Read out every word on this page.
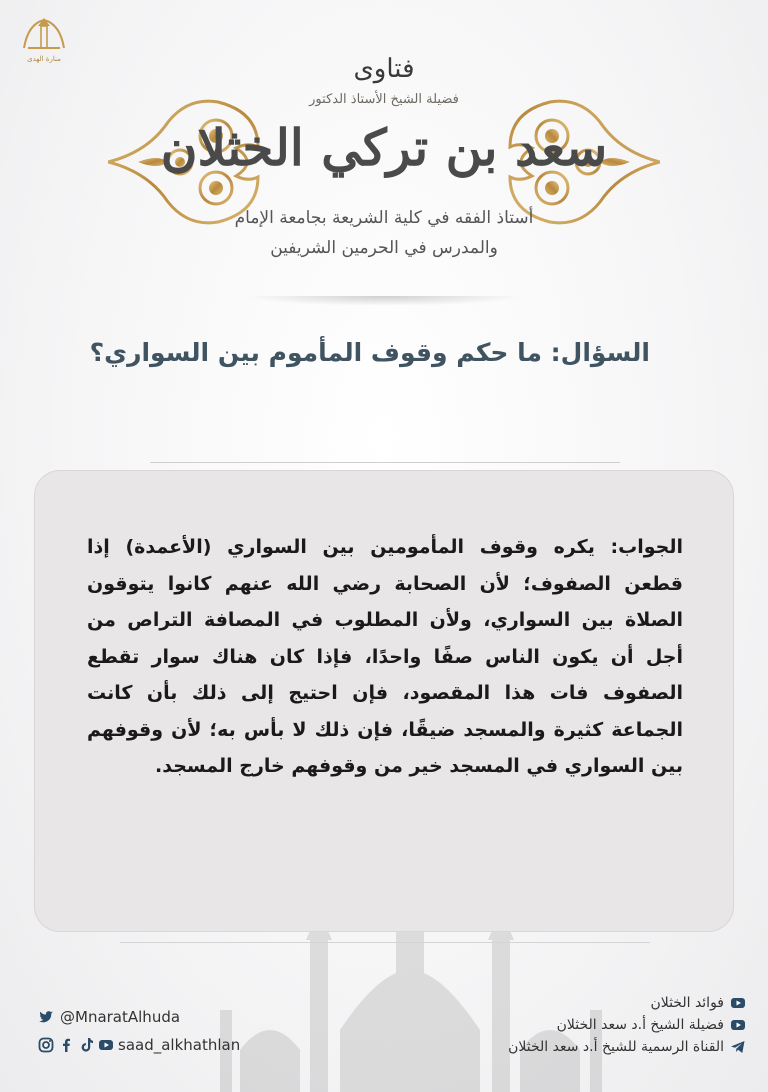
منارة الهدى	فتاوى
فضيلة الشيخ الأستاذ الدكتور
سعد بن تركي الخثلان
أستاذ الفقه في كلية الشريعة بجامعة الإمام
والمدرس في الحرمين الشريفين
السؤال: ما حكم وقوف المأموم بين السواري؟
الجواب: يكره وقوف المأمومين بين السواري (الأعمدة) إذا قطعن الصفوف؛ لأن الصحابة رضي الله عنهم كانوا يتوقون الصلاة بين السواري، ولأن المطلوب في المصافة التراص من أجل أن يكون الناس صفًا واحدًا، فإذا كان هناك سوار تقطع الصفوف فات هذا المقصود، فإن احتيج إلى ذلك بأن كانت الجماعة كثيرة والمسجد ضيقًا، فإن ذلك لا بأس به؛ لأن وقوفهم بين السواري في المسجد خير من وقوفهم خارج المسجد.
@MnaratAlhuda
saad_alkhathlan
فوائد الخثلان
فضيلة الشيخ أ.د سعد الخثلان
القناة الرسمية للشيخ أ.د سعد الخثلان
